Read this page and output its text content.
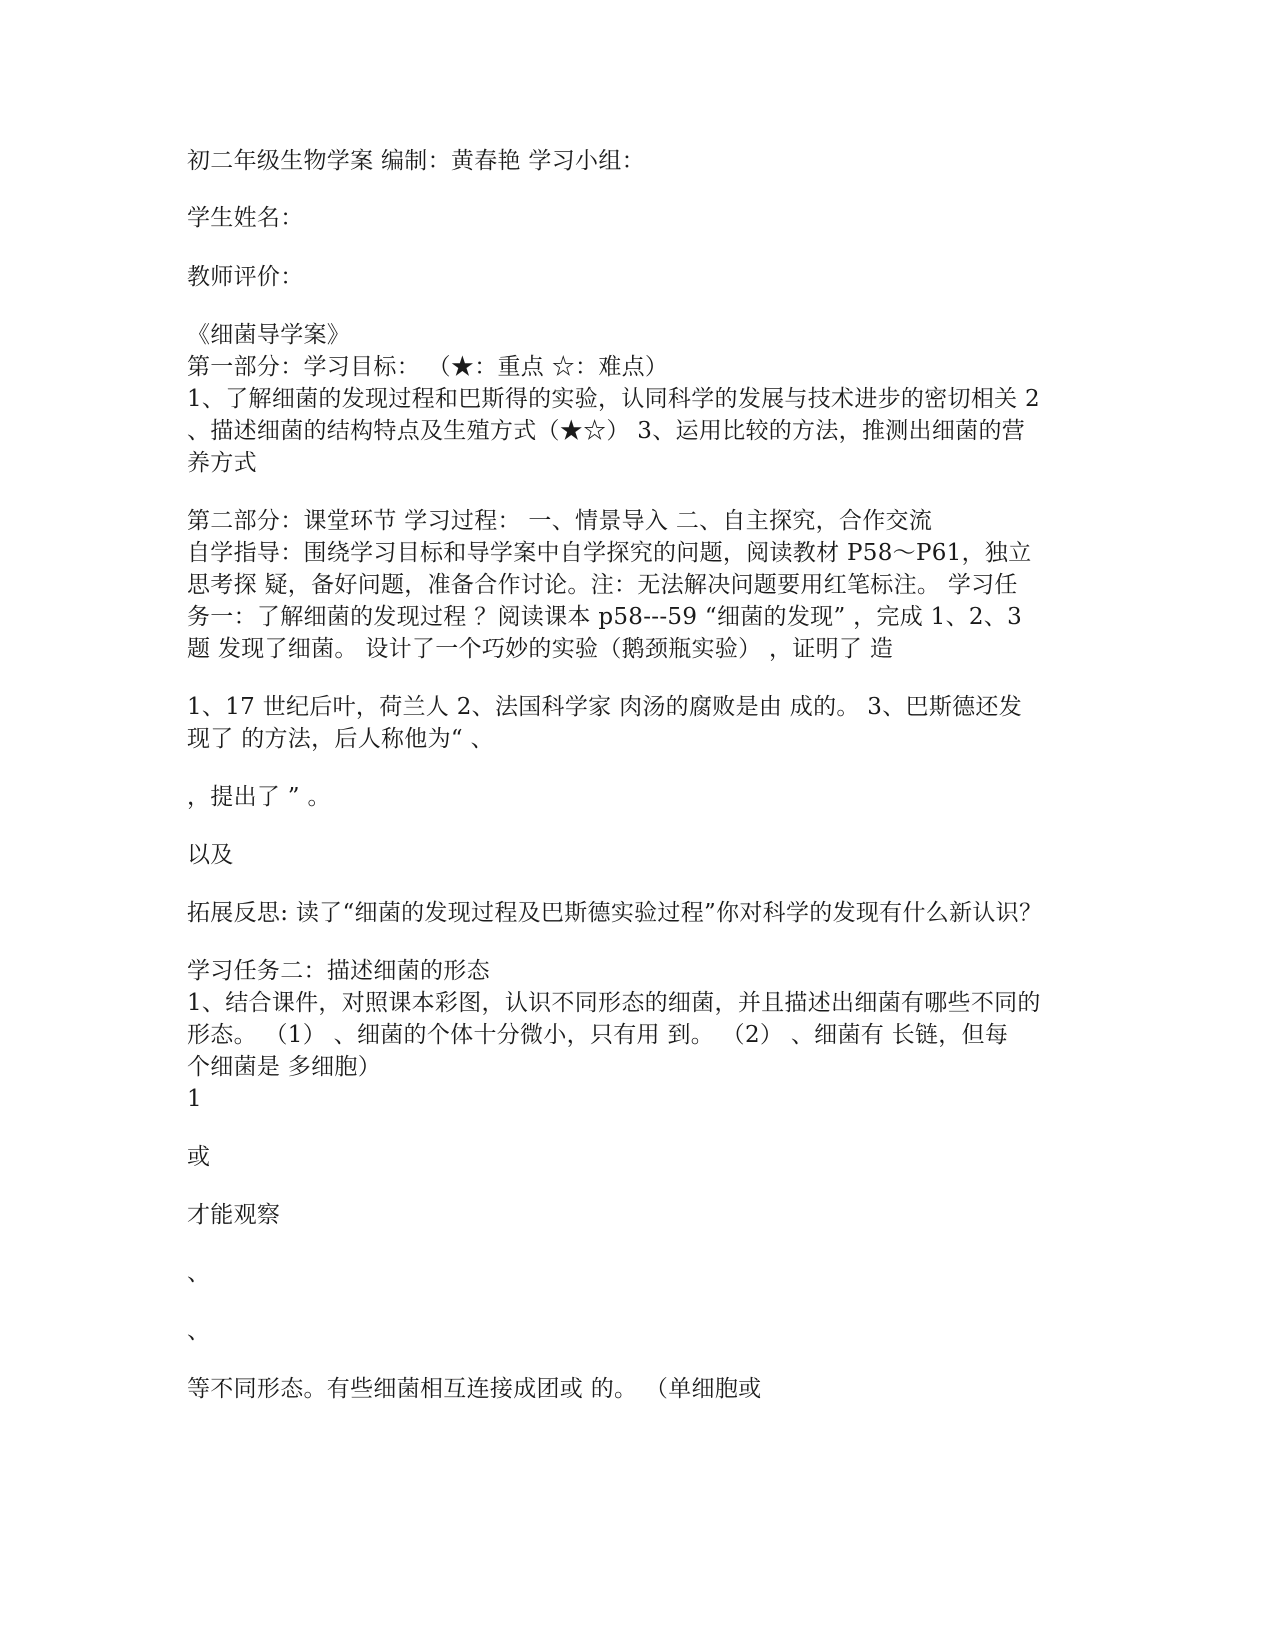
初二年级生物学案 编制：黄春艳 学习小组：
学生姓名：
教师评价：
《细菌导学案》
第一部分：学习目标： （★：重点 ☆：难点）
1、了解细菌的发现过程和巴斯得的实验，认同科学的发展与技术进步的密切相关 2
、描述细菌的结构特点及生殖方式（★☆） 3、运用比较的方法，推测出细菌的营
养方式
第二部分：课堂环节 学习过程： 一、情景导入 二、自主探究，合作交流
自学指导：围绕学习目标和导学案中自学探究的问题，阅读教材 P58～P61，独立
思考探 疑，备好问题，准备合作讨论。注：无法解决问题要用红笔标注。 学习任
务一：了解细菌的发现过程 ？阅读课本 p58---59 “细菌的发现” ，完成 1、2、3
题 发现了细菌。 设计了一个巧妙的实验（鹅颈瓶实验） ，证明了 造
1、17 世纪后叶，荷兰人 2、法国科学家 肉汤的腐败是由 成的。 3、巴斯德还发
现了 的方法，后人称他为“ 、
，提出了 ” 。
以及
拓展反思: 读了“细菌的发现过程及巴斯德实验过程”你对科学的发现有什么新认识？
学习任务二：描述细菌的形态
1、结合课件，对照课本彩图，认识不同形态的细菌，并且描述出细菌有哪些不同的
形态。 （1） 、细菌的个体十分微小，只有用 到。 （2） 、细菌有 长链，但每
个细菌是 多细胞）
1
或
才能观察
、
、
等不同形态。有些细菌相互连接成团或 的。 （单细胞或
